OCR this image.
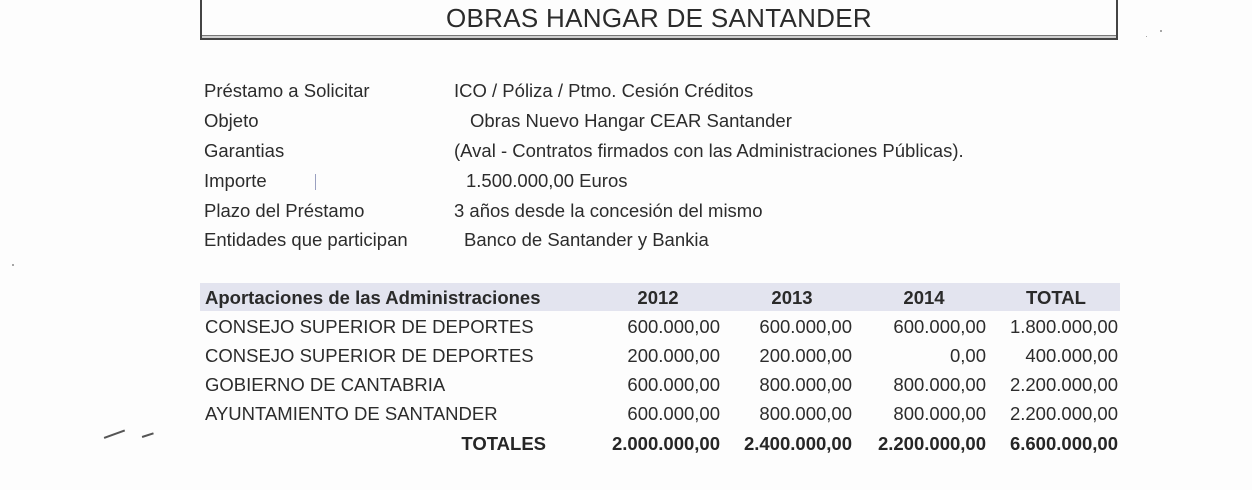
OBRAS HANGAR DE SANTANDER
Préstamo a Solicitar	ICO / Póliza / Ptmo. Cesión Créditos
Objeto	Obras Nuevo Hangar CEAR Santander
Garantias	(Aval - Contratos firmados con las Administraciones Públicas).
Importe	1.500.000,00 Euros
Plazo del Préstamo	3 años desde la concesión del mismo
Entidades que participan	Banco de Santander y Bankia
Aportaciones de las Administraciones	2012	2013	2014	TOTAL
CONSEJO SUPERIOR DE DEPORTES	600.000,00	600.000,00	600.000,00	1.800.000,00
CONSEJO SUPERIOR DE DEPORTES	200.000,00	200.000,00	0,00	400.000,00
GOBIERNO DE CANTABRIA	600.000,00	800.000,00	800.000,00	2.200.000,00
AYUNTAMIENTO DE SANTANDER	600.000,00	800.000,00	800.000,00	2.200.000,00
TOTALES	2.000.000,00	2.400.000,00	2.200.000,00	6.600.000,00
